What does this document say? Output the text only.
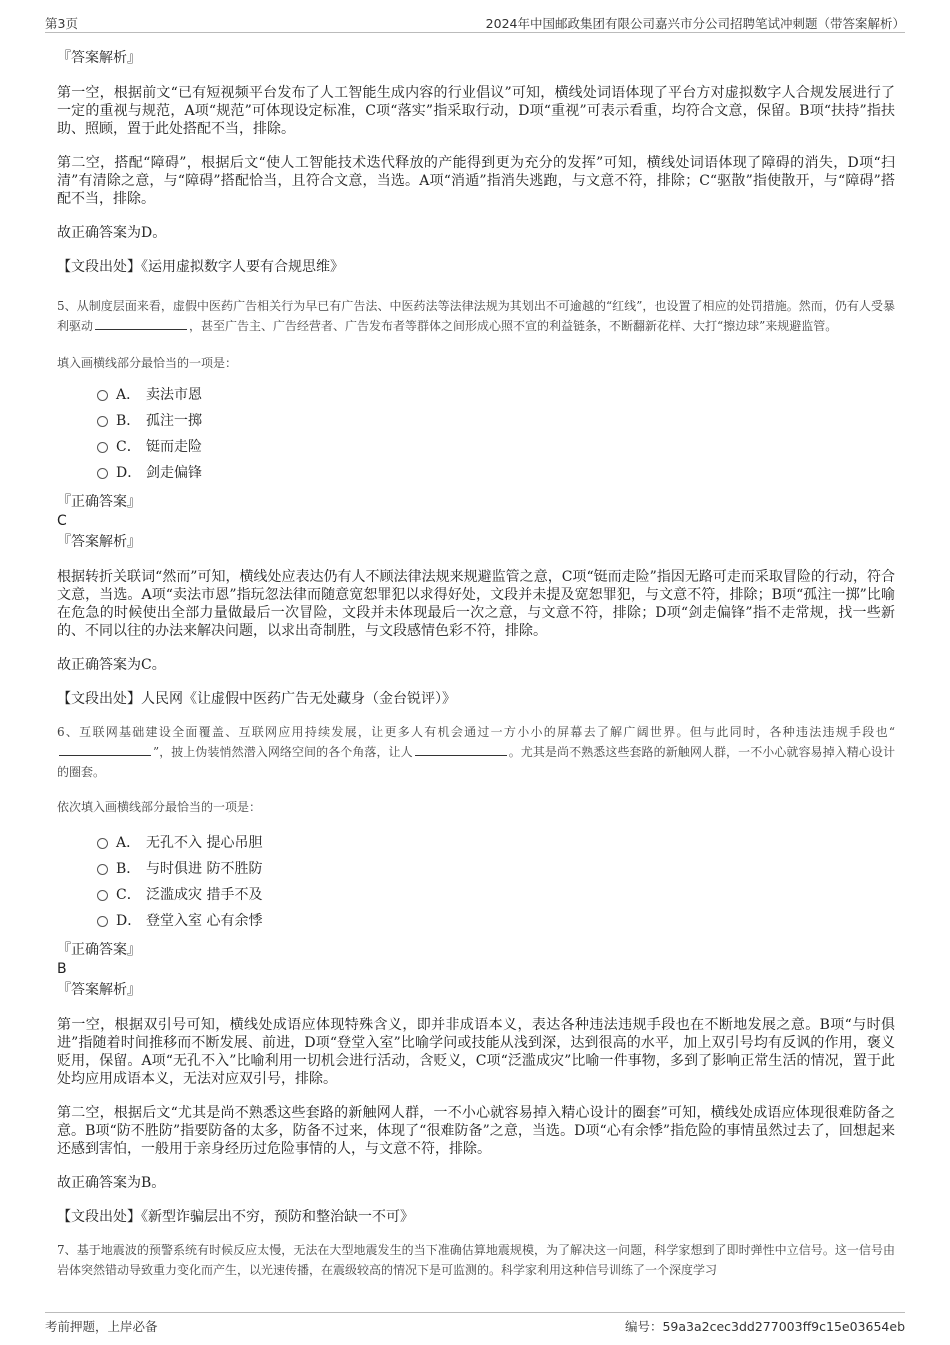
第3页	2024年中国邮政集团有限公司嘉兴市分公司招聘笔试冲刺题（带答案解析）

『答案解析』

第一空，根据前文“已有短视频平台发布了人工智能生成内容的行业倡议”可知，横线处词语体现了平台方对虚拟数字人合规发展进行了一定的重视与规范，A项“规范”可体现设定标准，C项“落实”指采取行动，D项“重视”可表示看重，均符合文意，保留。B项“扶持”指扶助、照顾，置于此处搭配不当，排除。

第二空，搭配“障碍”，根据后文“使人工智能技术迭代释放的产能得到更为充分的发挥”可知，横线处词语体现了障碍的消失，D项“扫清”有清除之意，与“障碍”搭配恰当，且符合文意，当选。A项“消遁”指消失逃跑，与文意不符，排除；C“驱散”指使散开，与“障碍”搭配不当，排除。

故正确答案为D。

【文段出处】《运用虚拟数字人要有合规思维》

5、从制度层面来看，虚假中医药广告相关行为早已有广告法、中医药法等法律法规为其划出不可逾越的“红线”，也设置了相应的处罚措施。然而，仍有人受暴利驱动	，甚至广告主、广告经营者、广告发布者等群体之间形成心照不宣的利益链条，不断翻新花样、大打“擦边球”来规避监管。

填入画横线部分最恰当的一项是：

A． 卖法市恩
B． 孤注一掷
C． 铤而走险
D． 剑走偏锋

『正确答案』

C

『答案解析』

根据转折关联词“然而”可知，横线处应表达仍有人不顾法律法规来规避监管之意，C项“铤而走险”指因无路可走而采取冒险的行动，符合文意，当选。A项“卖法市恩”指玩忽法律而随意宽恕罪犯以求得好处，文段并未提及宽恕罪犯，与文意不符，排除；B项“孤注一掷”比喻在危急的时候使出全部力量做最后一次冒险，文段并未体现最后一次之意，与文意不符，排除；D项“剑走偏锋”指不走常规，找一些新的、不同以往的办法来解决问题，以求出奇制胜，与文段感情色彩不符，排除。

故正确答案为C。

【文段出处】人民网《让虚假中医药广告无处藏身（金台锐评）》

6、互联网基础建设全面覆盖、互联网应用持续发展，让更多人有机会通过一方小小的屏幕去了解广阔世界。但与此同时，各种违法违规手段也“”，披上伪装悄然潜入网络空间的各个角落，让人	。尤其是尚不熟悉这些套路的新触网人群，一不小心就容易掉入精心设计的圈套。

依次填入画横线部分最恰当的一项是：

A． 无孔不入 提心吊胆
B． 与时俱进 防不胜防
C． 泛滥成灾 措手不及
D． 登堂入室 心有余悸

『正确答案』

B

『答案解析』

第一空，根据双引号可知，横线处成语应体现特殊含义，即并非成语本义，表达各种违法违规手段也在不断地发展之意。B项“与时俱进”指随着时间推移而不断发展、前进，D项“登堂入室”比喻学问或技能从浅到深，达到很高的水平，加上双引号均有反讽的作用，褒义贬用，保留。A项“无孔不入”比喻利用一切机会进行活动，含贬义，C项“泛滥成灾”比喻一件事物，多到了影响正常生活的情况，置于此处均应用成语本义，无法对应双引号，排除。

第二空，根据后文“尤其是尚不熟悉这些套路的新触网人群，一不小心就容易掉入精心设计的圈套”可知，横线处成语应体现很难防备之意。B项“防不胜防”指要防备的太多，防备不过来，体现了“很难防备”之意，当选。D项“心有余悸”指危险的事情虽然过去了，回想起来还感到害怕，一般用于亲身经历过危险事情的人，与文意不符，排除。

故正确答案为B。

【文段出处】《新型诈骗层出不穷，预防和整治缺一不可》

7、基于地震波的预警系统有时候反应太慢，无法在大型地震发生的当下准确估算地震规模，为了解决这一问题，科学家想到了即时弹性中立信号。这一信号由岩体突然错动导致重力变化而产生，以光速传播，在震级较高的情况下是可监测的。科学家利用这种信号训练了一个深度学习

考前押题，上岸必备	编号：59a3a2cec3dd277003ff9c15e03654eb
